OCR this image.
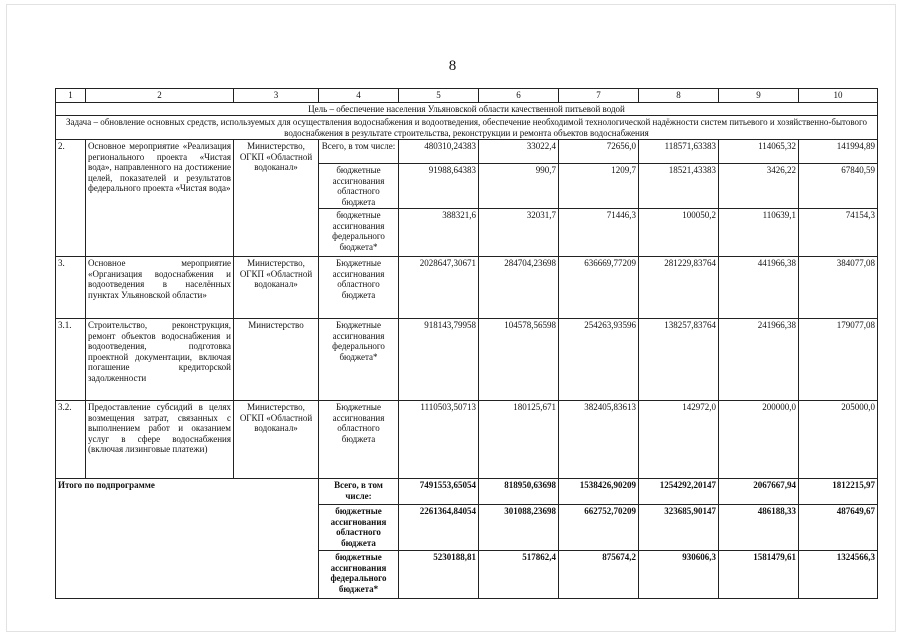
8
1	2	3	4	5	6	7	8	9	10
Цель – обеспечение населения Ульяновской области качественной питьевой водой									
Задача – обновление основных средств, используемых для осуществления водоснабжения и водоотведения, обеспечение необходимой технологической надёжности систем питьевого и хозяйственно-бытового водоснабжения в результате строительства, реконструкции и ремонта объектов водоснабжения									
2.	Основное мероприятие «Реализация регионального проекта «Чистая вода», направленного на достижение целей, показателей и результатов федерального проекта «Чистая вода»	Министерство, ОГКП «Областной водоканал»	Всего, в том числе:	480310,24383	33022,4	72656,0	118571,63383	114065,32	141994,89
			бюджетные ассигнования областного бюджета	91988,64383	990,7	1209,7	18521,43383	3426,22	67840,59
			бюджетные ассигнования федерального бюджета*	388321,6	32031,7	71446,3	100050,2	110639,1	74154,3
3.	Основное мероприятие «Организация водоснабжения и водоотведения в населённых пунктах Ульяновской области»	Министерство, ОГКП «Областной водоканал»	Бюджетные ассигнования областного бюджета	2028647,30671	284704,23698	636669,77209	281229,83764	441966,38	384077,08
3.1.	Строительство, реконструкция, ремонт объектов водоснабжения и водоотведения, подготовка проектной документации, включая погашение кредиторской задолженности	Министерство	Бюджетные ассигнования федерального бюджета*	918143,79958	104578,56598	254263,93596	138257,83764	241966,38	179077,08
3.2.	Предоставление субсидий в целях возмещения затрат, связанных с выполнением работ и оказанием услуг в сфере водоснабжения (включая лизинговые платежи)	Министерство, ОГКП «Областной водоканал»	Бюджетные ассигнования областного бюджета	1110503,50713	180125,671	382405,83613	142972,0	200000,0	205000,0
Итого по подпрограмме			Всего, в том числе:	7491553,65054	818950,63698	1538426,90209	1254292,20147	2067667,94	1812215,97
			бюджетные ассигнования областного бюджета	2261364,84054	301088,23698	662752,70209	323685,90147	486188,33	487649,67
			бюджетные ассигнования федерального бюджета*	5230188,81	517862,4	875674,2	930606,3	1581479,61	1324566,3
